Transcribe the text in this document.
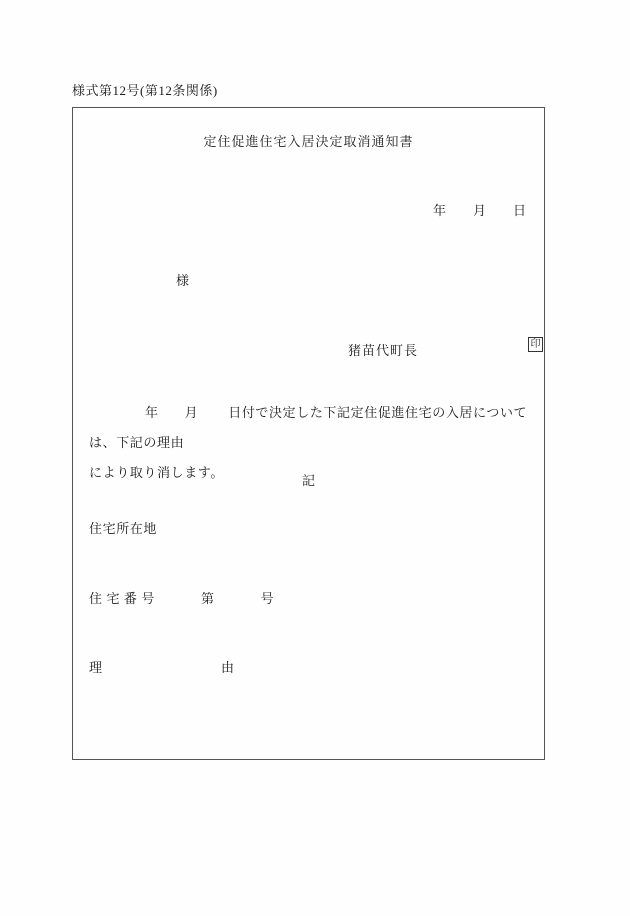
様式第12号(第12条関係)
定住促進住宅入居決定取消通知書
年 月 日
様
猪苗代町長	印
年 月 日付で決定した下記定住促進住宅の入居については、下記の理由
により取り消します。
記
住宅所在地
住 宅 番 号	第	号
理　　　由
